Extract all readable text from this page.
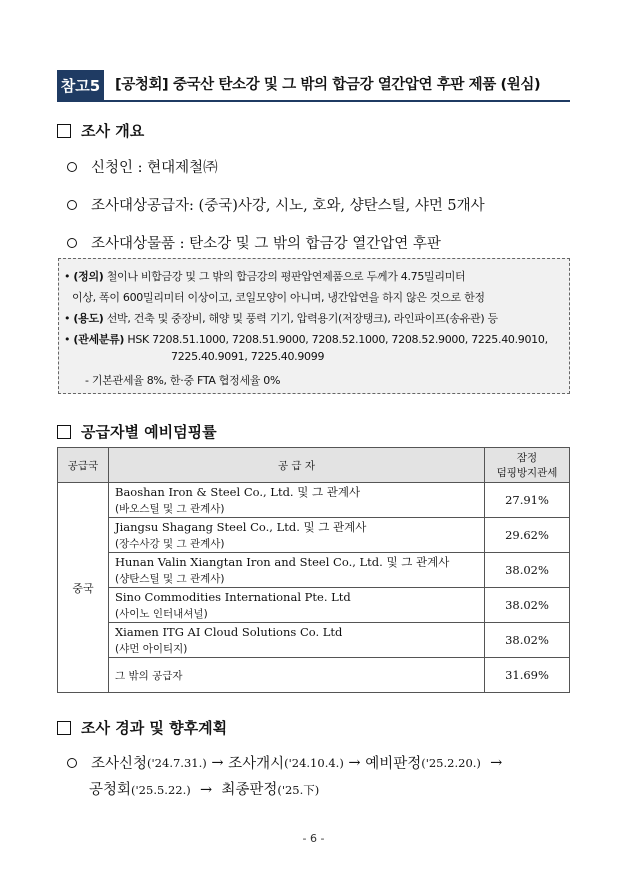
참고5 [공청회] 중국산 탄소강 및 그 밖의 합금강 열간압연 후판 제품 (원심)
조사 개요
신청인 : 현대제철㈜
조사대상공급자: (중국)사강, 시노, 호와, 샹탄스틸, 샤먼 5개사
조사대상물품 : 탄소강 및 그 밖의 합금강 열간압연 후판
• (정의) 철이나 비합금강 및 그 밖의 합금강의 평판압연제품으로 두께가 4.75밀리미터
이상, 폭이 600밀리미터 이상이고, 코일모양이 아니며, 냉간압연을 하지 않은 것으로 한정
• (용도) 선박, 건축 및 중장비, 해양 및 풍력 기기, 압력용기(저장탱크), 라인파이프(송유관) 등
• (관세분류) HSK 7208.51.1000, 7208.51.9000, 7208.52.1000, 7208.52.9000, 7225.40.9010,
7225.40.9091, 7225.40.9099
- 기본관세율 8%, 한·중 FTA 협정세율 0%
공급자별 예비덤핑률
공급국	공 급 자	잠정
덤핑방지관세
중국	Baoshan Iron & Steel Co., Ltd. 및 그 관계사
(바오스틸 및 그 관계사)	27.91%
	Jiangsu Shagang Steel Co., Ltd. 및 그 관계사
(장수사강 및 그 관계사)	29.62%
	Hunan Valin Xiangtan Iron and Steel Co., Ltd. 및 그 관계사
(샹탄스틸 및 그 관계사)	38.02%
	Sino Commodities International Pte. Ltd
(사이노 인터내셔널)	38.02%
	Xiamen ITG AI Cloud Solutions Co. Ltd
(샤먼 아이티지)	38.02%
	그 밖의 공급자	31.69%
조사 경과 및 향후계획
조사신청 ('24.7.31.)
→
조사개시 ('24.10.4.)
→
예비판정 ('25.2.20.)
→
공청회('25.5.22.) → 최종판정('25.下)
- 6 -
